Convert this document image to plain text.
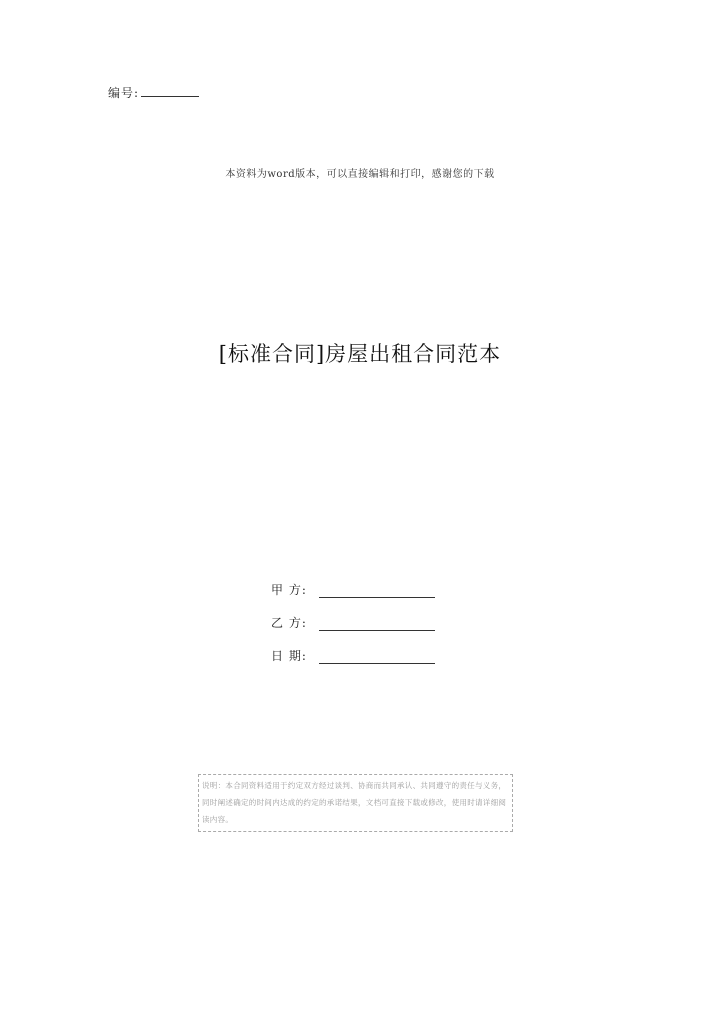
编号:
本资料为word版本，可以直接编辑和打印，感谢您的下载
[标准合同]房屋出租合同范本
甲 方:
乙 方:
日 期:
说明：本合同资料适用于约定双方经过谈判、协商而共同承认、共同遵守的责任与义务，同时阐述确定的时间内达成的约定的承诺结果，文档可直接下载或修改，使用时请详细阅读内容。
